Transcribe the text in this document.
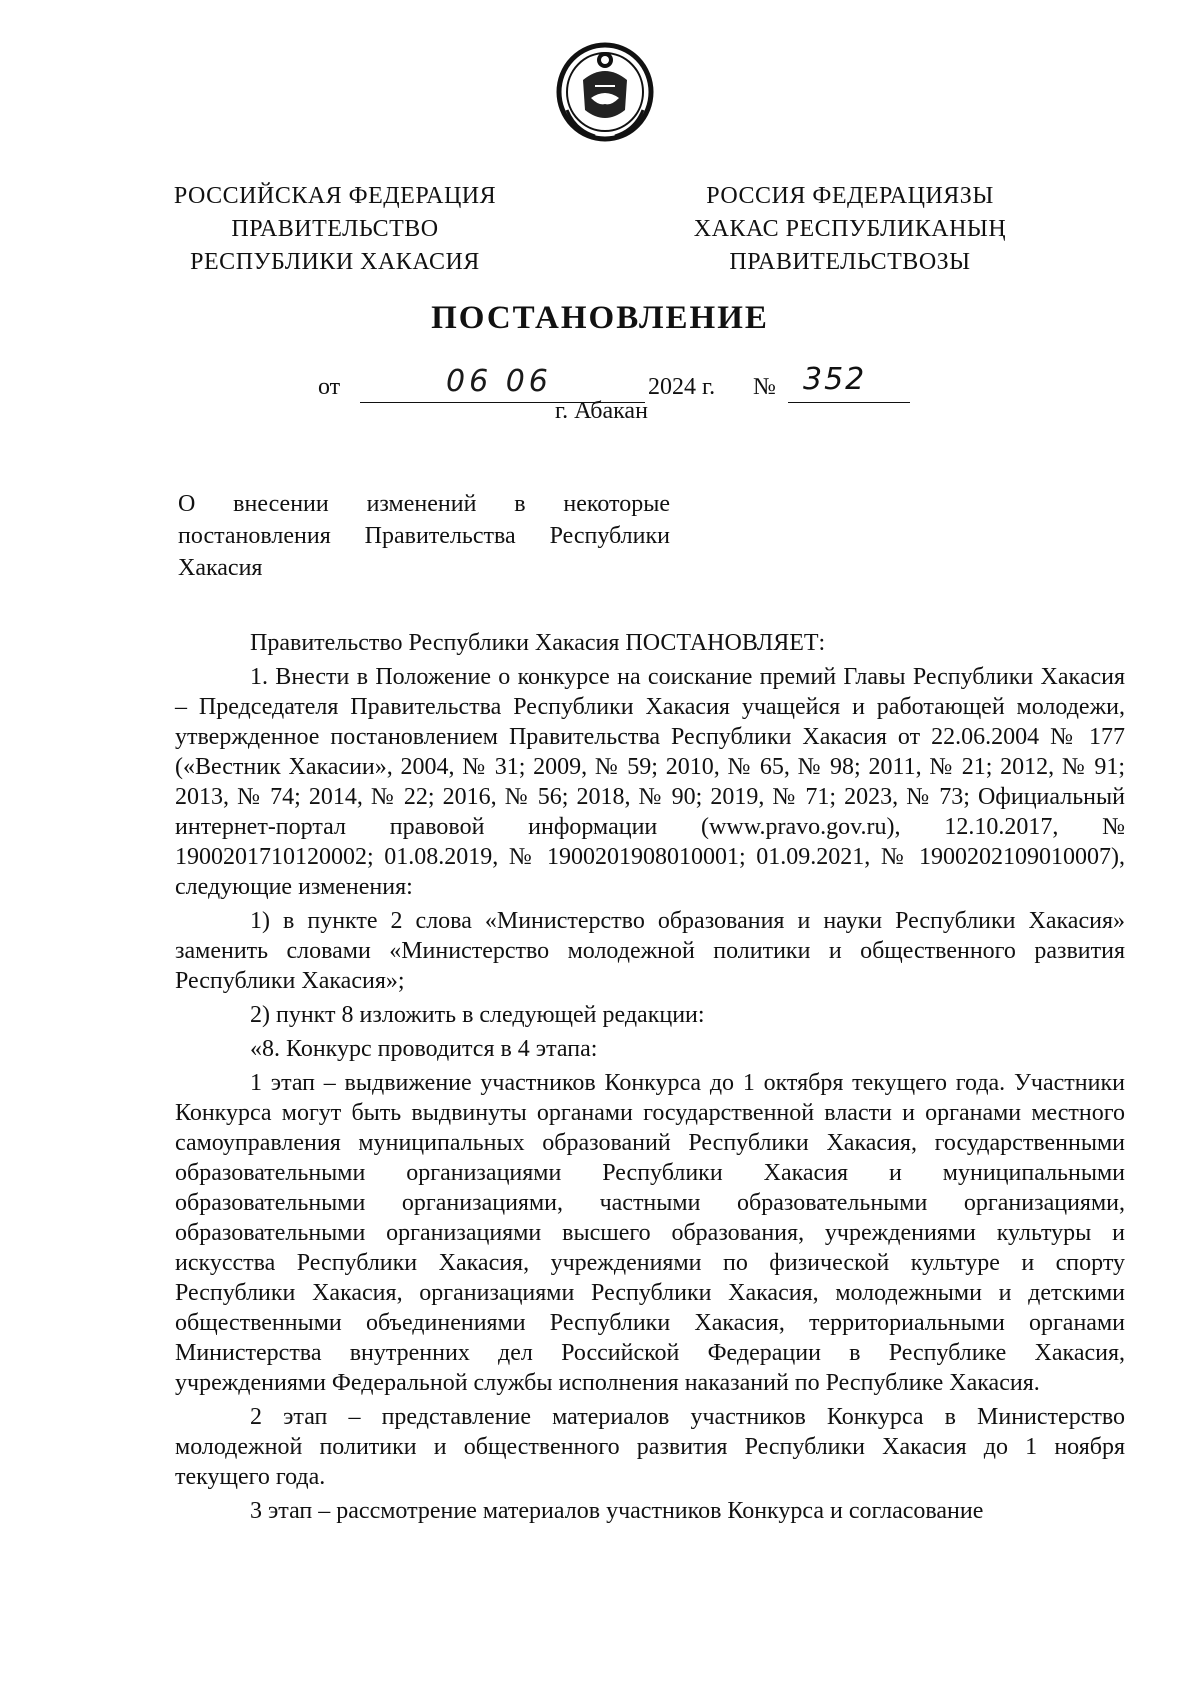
РОССИЙСКАЯ ФЕДЕРАЦИЯ
ПРАВИТЕЛЬСТВО
РЕСПУБЛИКИ ХАКАСИЯ
РОССИЯ ФЕДЕРАЦИЯЗЫ
ХАКАС РЕСПУБЛИКАНЫҢ
ПРАВИТЕЛЬСТВОЗЫ
ПОСТАНОВЛЕНИЕ
от	06 06	2024 г. № 352
г. Абакан
О внесении изменений в некоторые
постановления Правительства Республики
Хакасия

Правительство Республики Хакасия ПОСТАНОВЛЯЕТ:

1. Внести в Положение о конкурсе на соискание премий Главы Республики Хакасия – Председателя Правительства Республики Хакасия учащейся и работающей молодежи, утвержденное постановлением Правительства Республики Хакасия от 22.06.2004 № 177 («Вестник Хакасии», 2004, № 31; 2009, № 59; 2010, № 65, № 98; 2011, № 21; 2012, № 91; 2013, № 74; 2014, № 22; 2016, № 56; 2018, № 90; 2019, № 71; 2023, № 73; Официальный интернет-портал правовой информации (www.pravo.gov.ru), 12.10.2017, № 1900201710120002; 01.08.2019, № 1900201908010001; 01.09.2021, № 1900202109010007), следующие изменения:

1) в пункте 2 слова «Министерство образования и науки Республики Хакасия» заменить словами «Министерство молодежной политики и общественного развития Республики Хакасия»;

2) пункт 8 изложить в следующей редакции:

«8. Конкурс проводится в 4 этапа:

1 этап – выдвижение участников Конкурса до 1 октября текущего года. Участники Конкурса могут быть выдвинуты органами государственной власти и органами местного самоуправления муниципальных образований Республики Хакасия, государственными образовательными организациями Республики Хакасия и муниципальными образовательными организациями, частными образовательными организациями, образовательными организациями высшего образования, учреждениями культуры и искусства Республики Хакасия, учреждениями по физической культуре и спорту Республики Хакасия, организациями Республики Хакасия, молодежными и детскими общественными объединениями Республики Хакасия, территориальными органами Министерства внутренних дел Российской Федерации в Республике Хакасия, учреждениями Федеральной службы исполнения наказаний по Республике Хакасия.

2 этап – представление материалов участников Конкурса в Министерство молодежной политики и общественного развития Республики Хакасия до 1 ноября текущего года.

3 этап – рассмотрение материалов участников Конкурса и согласование
